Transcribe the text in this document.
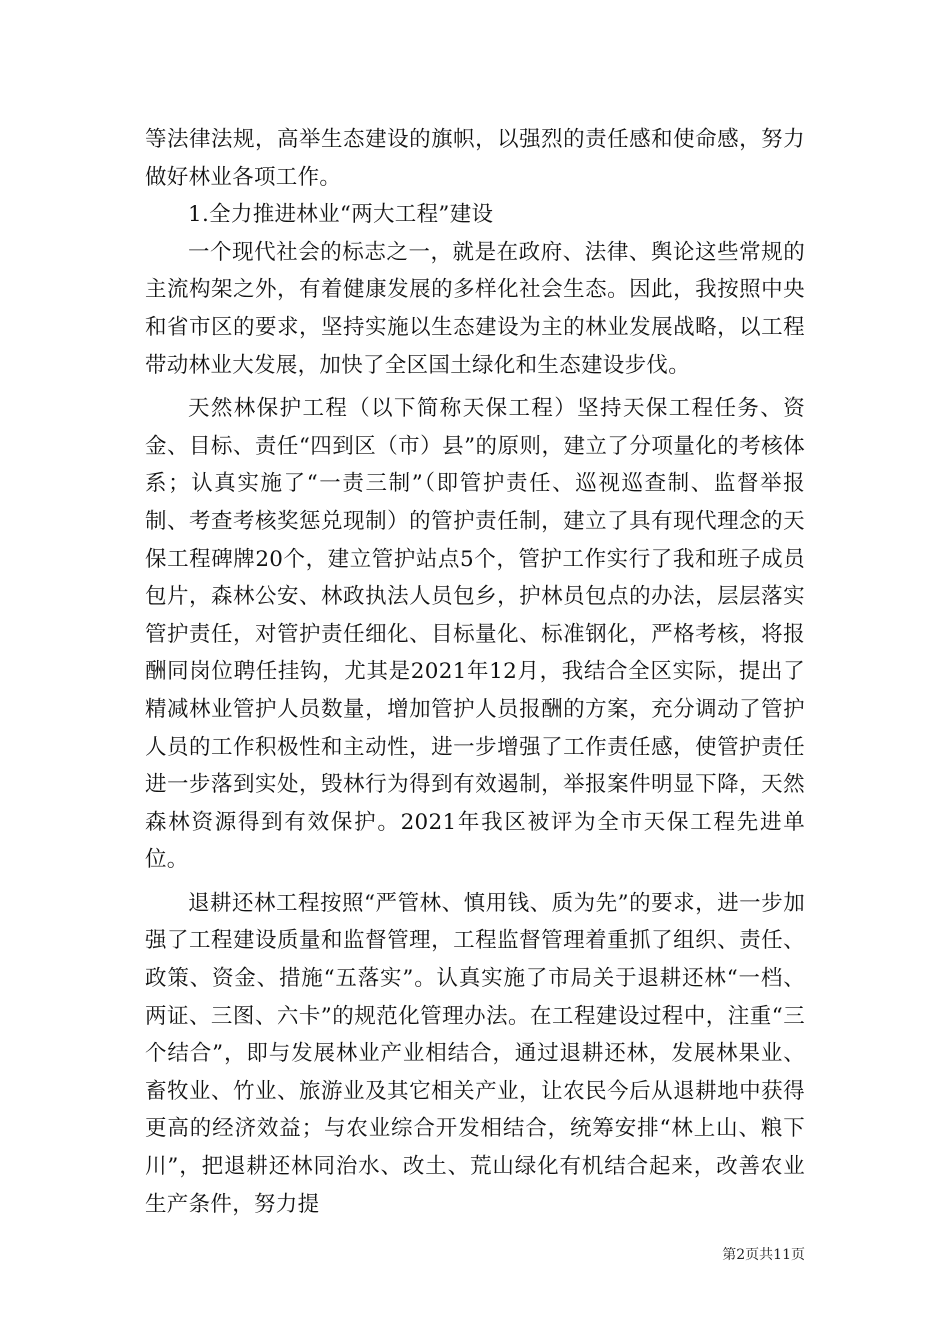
等法律法规，高举生态建设的旗帜，以强烈的责任感和使命感，努力做好林业各项工作。

1.全力推进林业“两大工程”建设

一个现代社会的标志之一，就是在政府、法律、舆论这些常规的主流构架之外，有着健康发展的多样化社会生态。因此，我按照中央和省市区的要求，坚持实施以生态建设为主的林业发展战略，以工程带动林业大发展，加快了全区国土绿化和生态建设步伐。

天然林保护工程（以下简称天保工程）坚持天保工程任务、资金、目标、责任“四到区（市）县”的原则，建立了分项量化的考核体系；认真实施了“一责三制”（即管护责任、巡视巡查制、监督举报制、考查考核奖惩兑现制）的管护责任制，建立了具有现代理念的天保工程碑牌20个，建立管护站点5个，管护工作实行了我和班子成员包片，森林公安、林政执法人员包乡，护林员包点的办法，层层落实管护责任，对管护责任细化、目标量化、标准钢化，严格考核，将报酬同岗位聘任挂钩，尤其是2021年12月，我结合全区实际，提出了精减林业管护人员数量，增加管护人员报酬的方案，充分调动了管护人员的工作积极性和主动性，进一步增强了工作责任感，使管护责任进一步落到实处，毁林行为得到有效遏制，举报案件明显下降，天然森林资源得到有效保护。2021年我区被评为全市天保工程先进单位。

退耕还林工程按照“严管林、慎用钱、质为先”的要求，进一步加强了工程建设质量和监督管理，工程监督管理着重抓了组织、责任、政策、资金、措施“五落实”。认真实施了市局关于退耕还林“一档、两证、三图、六卡”的规范化管理办法。在工程建设过程中，注重“三个结合”，即与发展林业产业相结合，通过退耕还林，发展林果业、畜牧业、竹业、旅游业及其它相关产业，让农民今后从退耕地中获得更高的经济效益；与农业综合开发相结合，统筹安排“林上山、粮下川”，把退耕还林同治水、改土、荒山绿化有机结合起来，改善农业生产条件，努力提

第2页共11页
